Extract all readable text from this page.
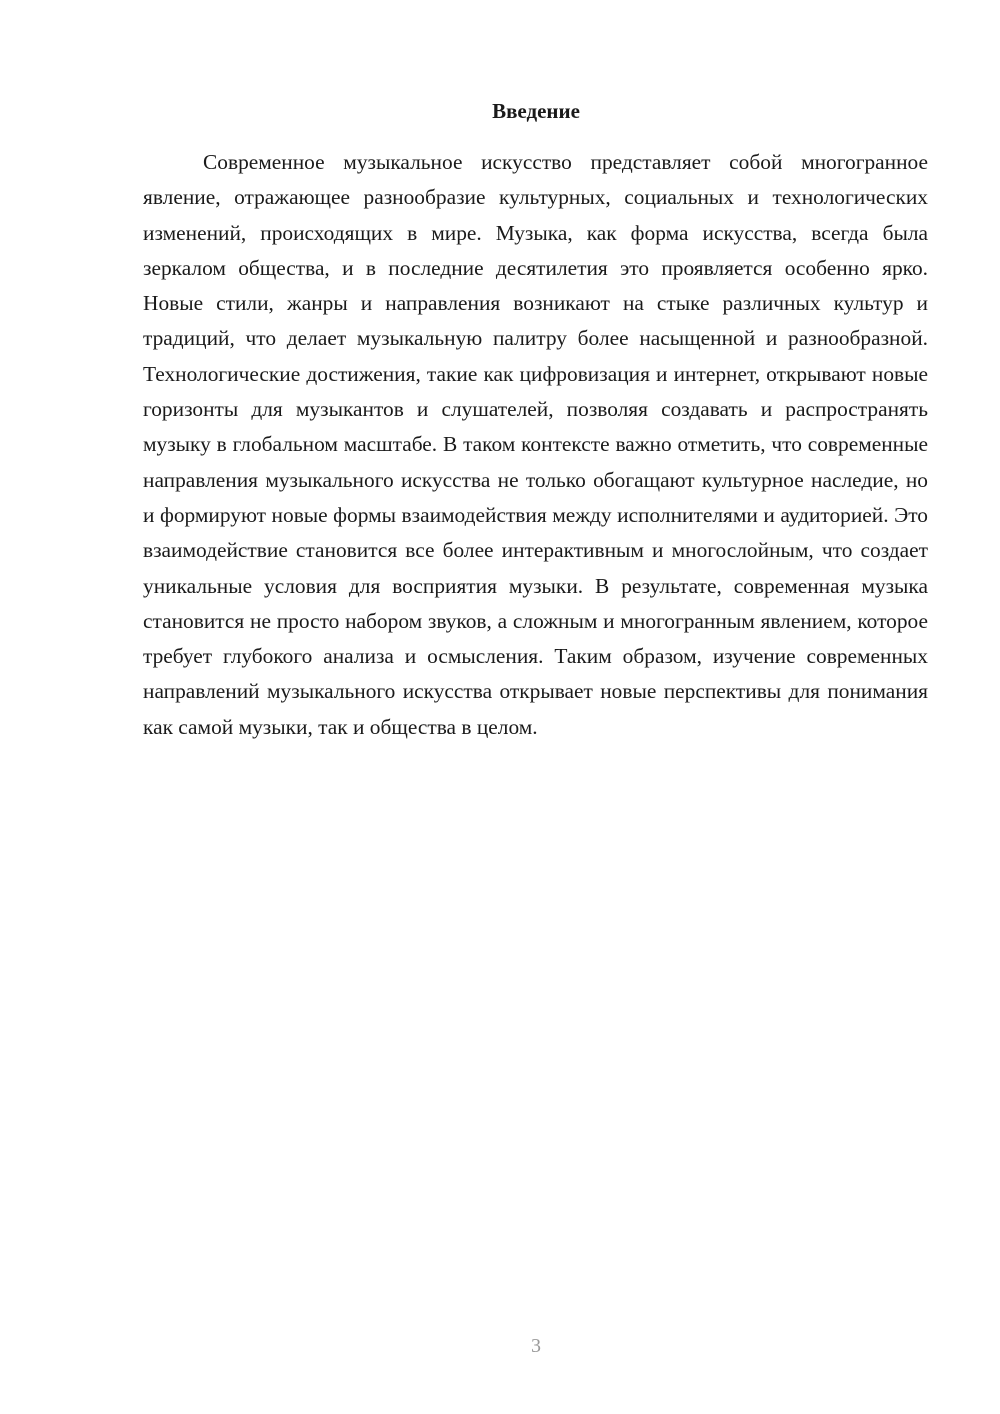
Введение

Современное музыкальное искусство представляет собой многогранное явление, отражающее разнообразие культурных, социальных и технологических изменений, происходящих в мире. Музыка, как форма искусства, всегда была зеркалом общества, и в последние десятилетия это проявляется особенно ярко. Новые стили, жанры и направления возникают на стыке различных культур и традиций, что делает музыкальную палитру более насыщенной и разнообразной. Технологические достижения, такие как цифровизация и интернет, открывают новые горизонты для музыкантов и слушателей, позволяя создавать и распространять музыку в глобальном масштабе. В таком контексте важно отметить, что современные направления музыкального искусства не только обогащают культурное наследие, но и формируют новые формы взаимодействия между исполнителями и аудиторией. Это взаимодействие становится все более интерактивным и многослойным, что создает уникальные условия для восприятия музыки. В результате, современная музыка становится не просто набором звуков, а сложным и многогранным явлением, которое требует глубокого анализа и осмысления. Таким образом, изучение современных направлений музыкального искусства открывает новые перспективы для понимания как самой музыки, так и общества в целом.

3
